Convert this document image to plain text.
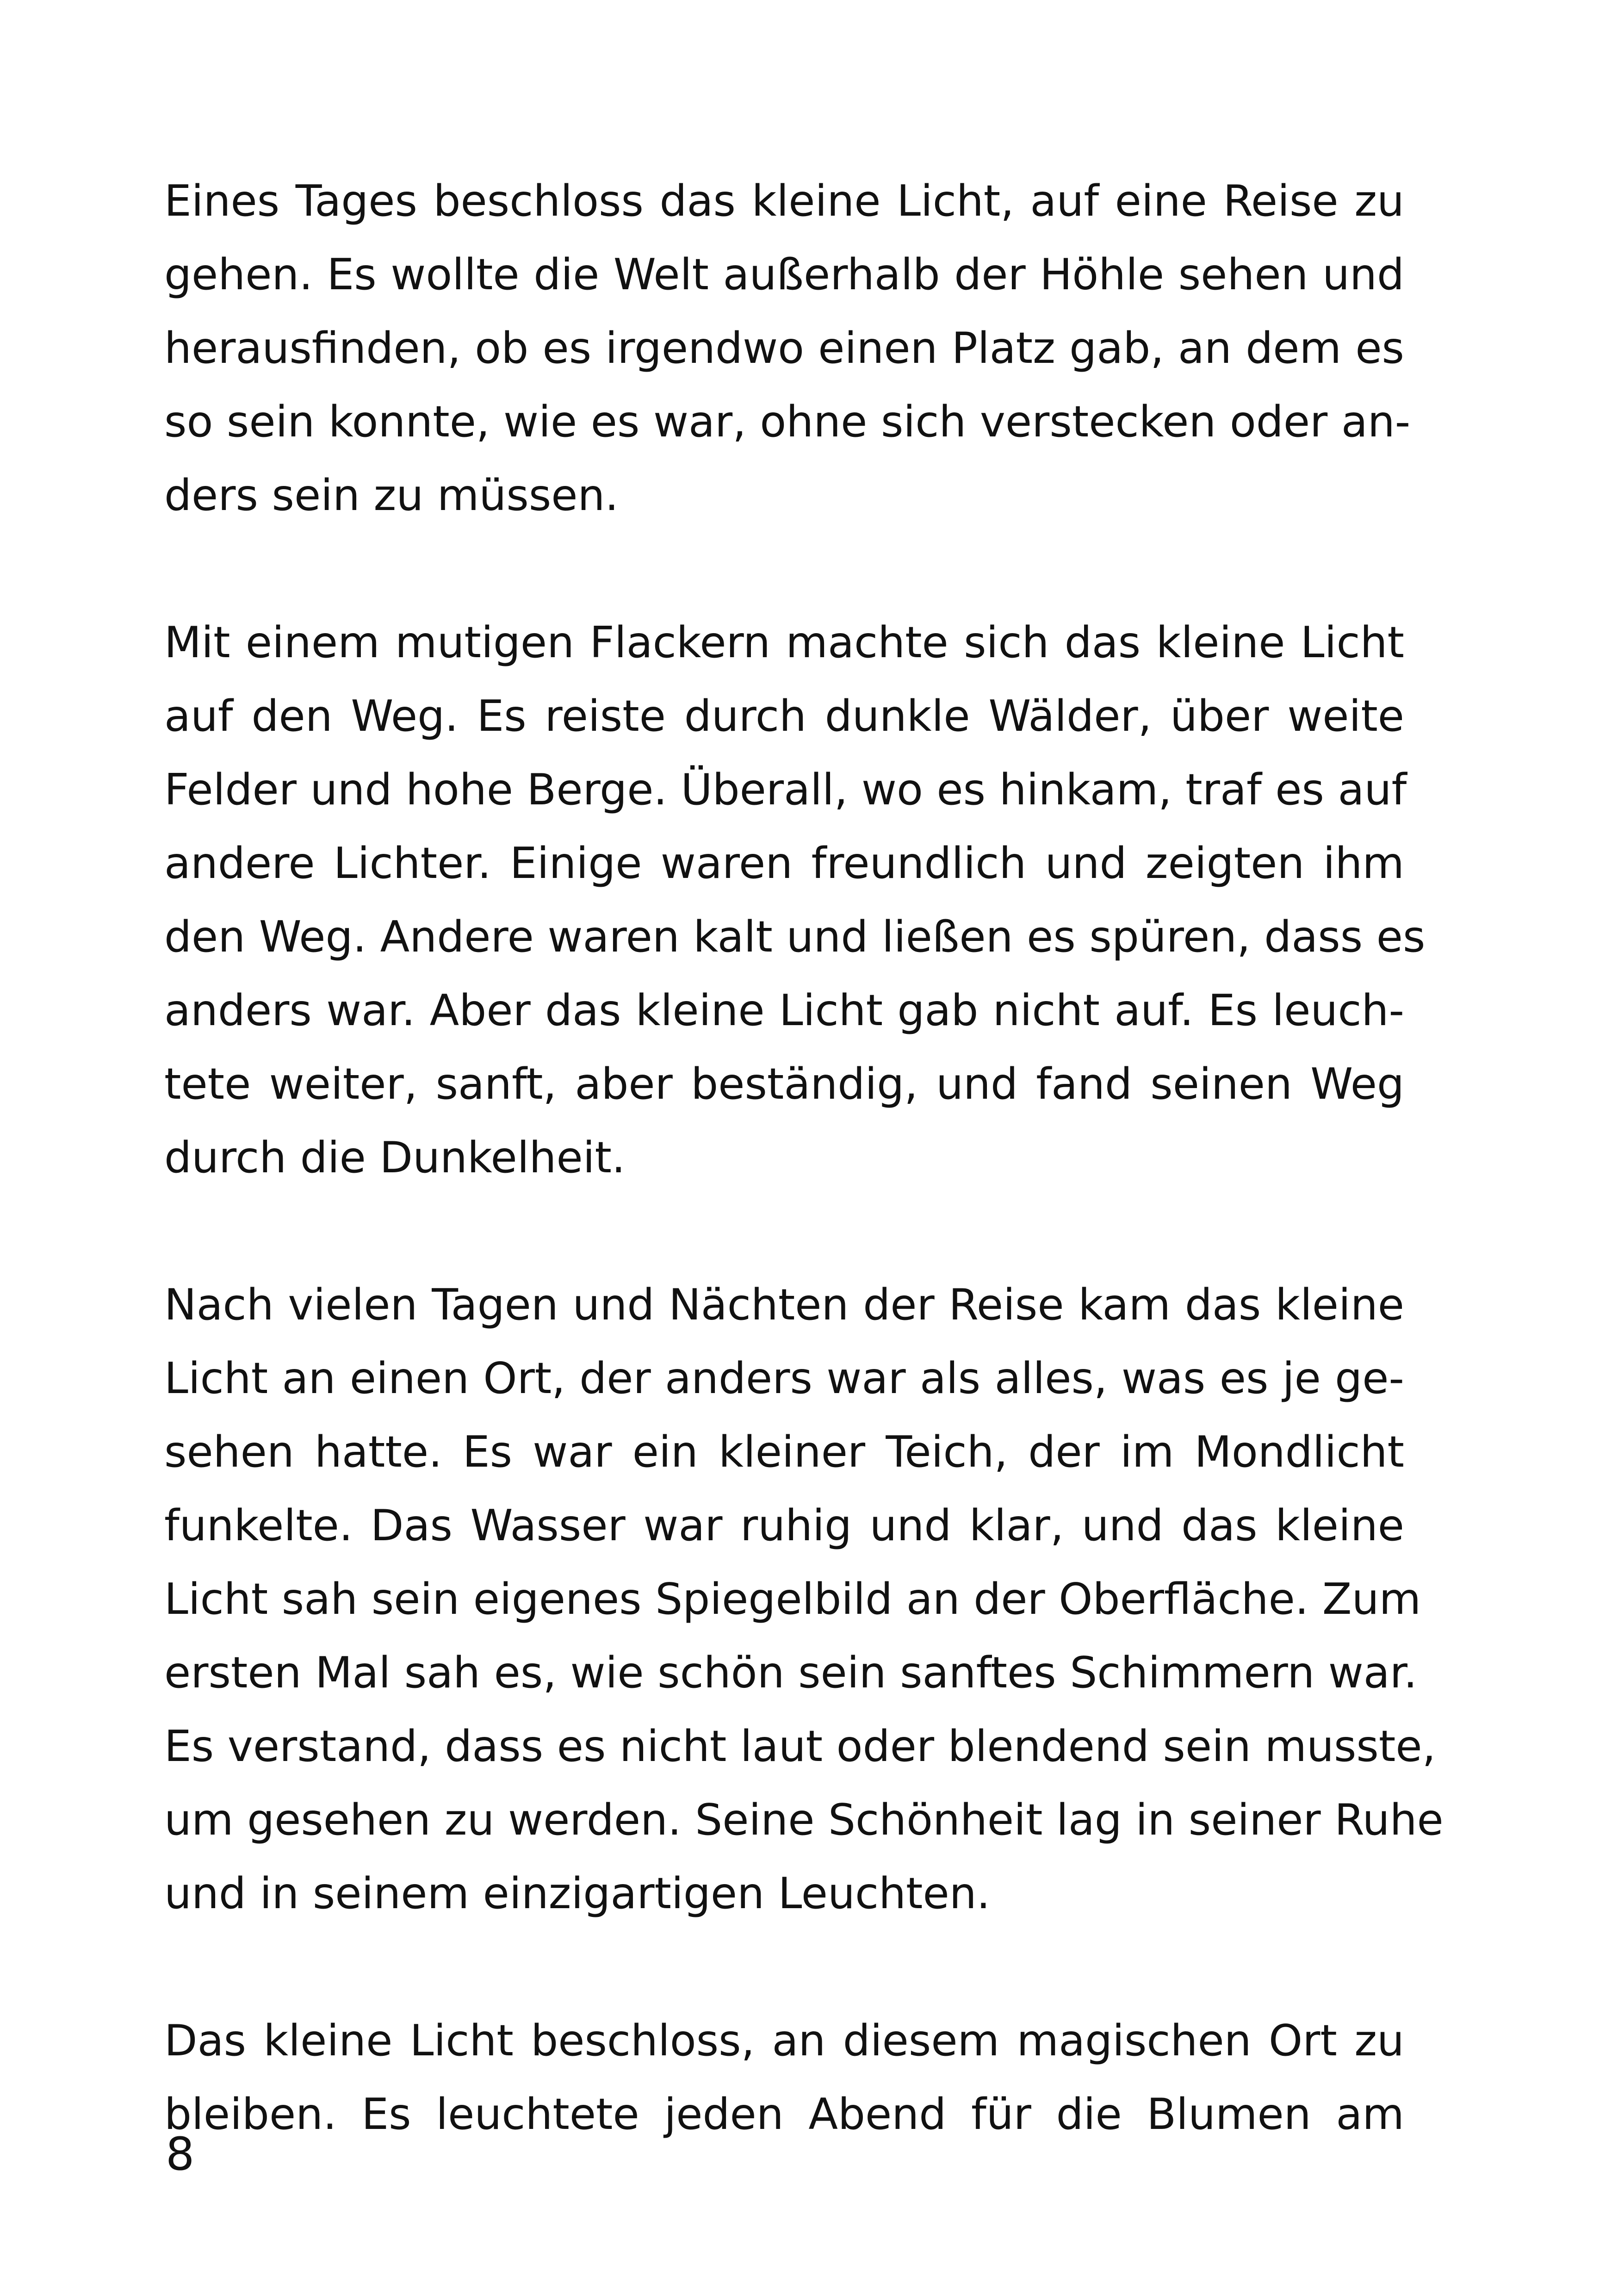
Eines Tages beschloss das kleine Licht, auf eine Reise zu
gehen. Es wollte die Welt außerhalb der Höhle sehen und
herausfinden, ob es irgendwo einen Platz gab, an dem es
so sein konnte, wie es war, ohne sich verstecken oder an-
ders sein zu müssen.
Mit einem mutigen Flackern machte sich das kleine Licht
auf den Weg. Es reiste durch dunkle Wälder, über weite
Felder und hohe Berge. Überall, wo es hinkam, traf es auf
andere Lichter. Einige waren freundlich und zeigten ihm
den Weg. Andere waren kalt und ließen es spüren, dass es
anders war. Aber das kleine Licht gab nicht auf. Es leuch-
tete weiter, sanft, aber beständig, und fand seinen Weg
durch die Dunkelheit.
Nach vielen Tagen und Nächten der Reise kam das kleine
Licht an einen Ort, der anders war als alles, was es je ge-
sehen hatte. Es war ein kleiner Teich, der im Mondlicht
funkelte. Das Wasser war ruhig und klar, und das kleine
Licht sah sein eigenes Spiegelbild an der Oberfläche. Zum
ersten Mal sah es, wie schön sein sanftes Schimmern war.
Es verstand, dass es nicht laut oder blendend sein musste,
um gesehen zu werden. Seine Schönheit lag in seiner Ruhe
und in seinem einzigartigen Leuchten.
Das kleine Licht beschloss, an diesem magischen Ort zu
bleiben. Es leuchtete jeden Abend für die Blumen am
8
